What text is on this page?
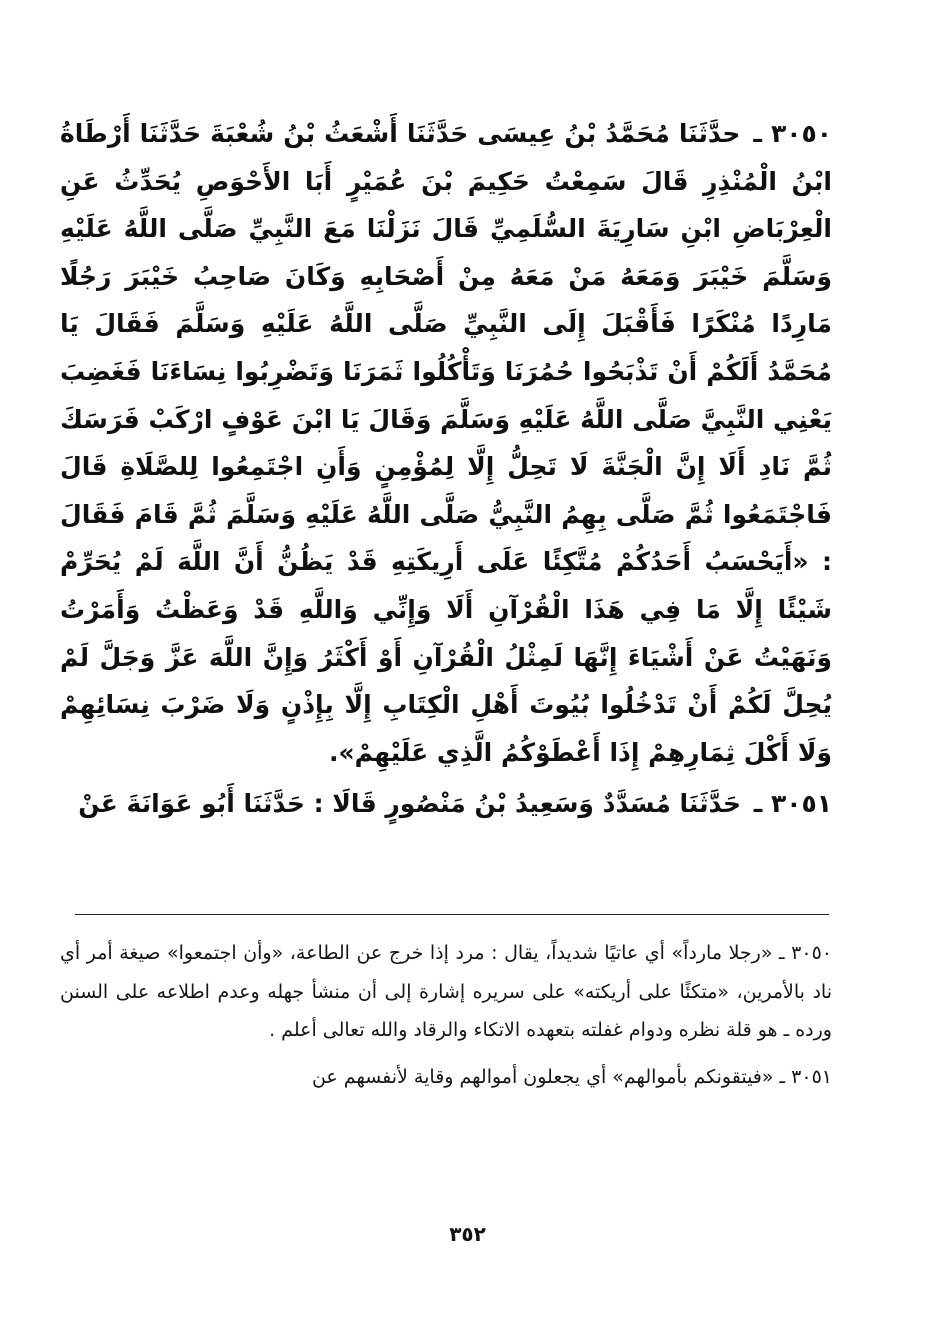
٣٠٥٠ ـ حدَّثَنَا مُحَمَّدُ بْنُ عِيسَى حَدَّثَنَا أَشْعَثُ بْنُ شُعْبَةَ حَدَّثَنَا أَرْطَاةُ ابْنُ الْمُنْذِرِ قَالَ سَمِعْتُ حَكِيمَ بْنَ عُمَيْرٍ أَبَا الأَحْوَصِ يُحَدِّثُ عَنِ الْعِرْبَاضِ ابْنِ سَارِيَةَ السُّلَمِيِّ قَالَ نَزَلْنَا مَعَ النَّبِيِّ صَلَّى اللَّهُ عَلَيْهِ وَسَلَّمَ خَيْبَرَ وَمَعَهُ مَنْ مَعَهُ مِنْ أَصْحَابِهِ وَكَانَ صَاحِبُ خَيْبَرَ رَجُلًا مَارِدًا مُنْكَرًا فَأَقْبَلَ إِلَى النَّبِيِّ صَلَّى اللَّهُ عَلَيْهِ وَسَلَّمَ فَقَالَ يَا مُحَمَّدُ أَلَكُمْ أَنْ تَذْبَحُوا حُمُرَنَا وَتَأْكُلُوا ثَمَرَنَا وَتَضْرِبُوا نِسَاءَنَا فَغَضِبَ يَعْنِي النَّبِيَّ صَلَّى اللَّهُ عَلَيْهِ وَسَلَّمَ وَقَالَ يَا ابْنَ عَوْفٍ ارْكَبْ فَرَسَكَ ثُمَّ نَادِ أَلَا إِنَّ الْجَنَّةَ لَا تَحِلُّ إِلَّا لِمُؤْمِنٍ وَأَنِ اجْتَمِعُوا لِلصَّلَاةِ قَالَ فَاجْتَمَعُوا ثُمَّ صَلَّى بِهِمُ النَّبِيُّ صَلَّى اللَّهُ عَلَيْهِ وَسَلَّمَ ثُمَّ قَامَ فَقَالَ : «أَيَحْسَبُ أَحَدُكُمْ مُتَّكِئًا عَلَى أَرِيكَتِهِ قَدْ يَظُنُّ أَنَّ اللَّهَ لَمْ يُحَرِّمْ شَيْئًا إِلَّا مَا فِي هَذَا الْقُرْآنِ أَلَا وَإِنِّي وَاللَّهِ قَدْ وَعَظْتُ وَأَمَرْتُ وَنَهَيْتُ عَنْ أَشْيَاءَ إِنَّهَا لَمِثْلُ الْقُرْآنِ أَوْ أَكْثَرُ وَإِنَّ اللَّهَ عَزَّ وَجَلَّ لَمْ يُحِلَّ لَكُمْ أَنْ تَدْخُلُوا بُيُوتَ أَهْلِ الْكِتَابِ إِلَّا بِإِذْنٍ وَلَا ضَرْبَ نِسَائِهِمْ وَلَا أَكْلَ ثِمَارِهِمْ إِذَا أَعْطَوْكُمُ الَّذِي عَلَيْهِمْ».

٣٠٥١ ـ حَدَّثَنَا مُسَدَّدٌ وَسَعِيدُ بْنُ مَنْصُورٍ قَالَا : حَدَّثَنَا أَبُو عَوَانَةَ عَنْ

٣٠٥٠ ـ «رجلا مارداً» أي عاتيًا شديداً، يقال : مرد إذا خرج عن الطاعة، «وأن اجتمعوا» صيغة أمر أي ناد بالأمرين، «متكئًا على أريكته» على سريره إشارة إلى أن منشأ جهله وعدم اطلاعه على السنن ورده ـ هو قلة نظره ودوام غفلته بتعهده الاتكاء والرقاد والله تعالى أعلم .

٣٠٥١ ـ «فيتقونكم بأموالهم» أي يجعلون أموالهم وقاية لأنفسهم عن

٣٥٢
